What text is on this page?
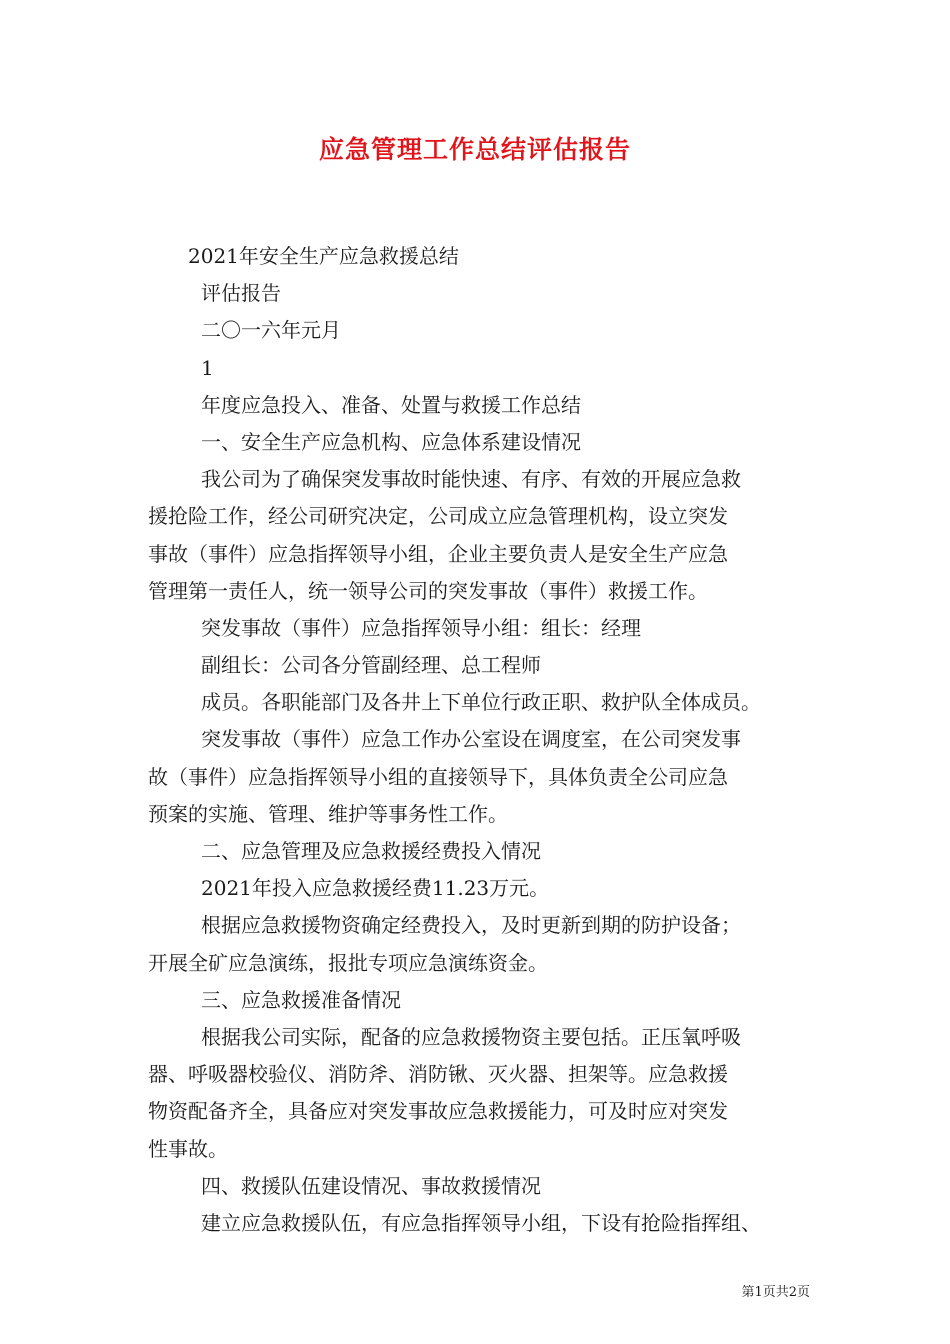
应急管理工作总结评估报告
2021年安全生产应急救援总结
评估报告
二〇一六年元月
1
年度应急投入、准备、处置与救援工作总结
一、安全生产应急机构、应急体系建设情况
我公司为了确保突发事故时能快速、有序、有效的开展应急救
援抢险工作，经公司研究决定，公司成立应急管理机构，设立突发
事故（事件）应急指挥领导小组，企业主要负责人是安全生产应急
管理第一责任人，统一领导公司的突发事故（事件）救援工作。
突发事故（事件）应急指挥领导小组：组长：经理
副组长：公司各分管副经理、总工程师
成员。各职能部门及各井上下单位行政正职、救护队全体成员。
突发事故（事件）应急工作办公室设在调度室，在公司突发事
故（事件）应急指挥领导小组的直接领导下，具体负责全公司应急
预案的实施、管理、维护等事务性工作。
二、应急管理及应急救援经费投入情况
2021年投入应急救援经费11.23万元。
根据应急救援物资确定经费投入，及时更新到期的防护设备；
开展全矿应急演练，报批专项应急演练资金。
三、应急救援准备情况
根据我公司实际，配备的应急救援物资主要包括。正压氧呼吸
器、呼吸器校验仪、消防斧、消防锹、灭火器、担架等。应急救援
物资配备齐全，具备应对突发事故应急救援能力，可及时应对突发
性事故。
四、救援队伍建设情况、事故救援情况
建立应急救援队伍，有应急指挥领导小组，下设有抢险指挥组、
第1页共2页
